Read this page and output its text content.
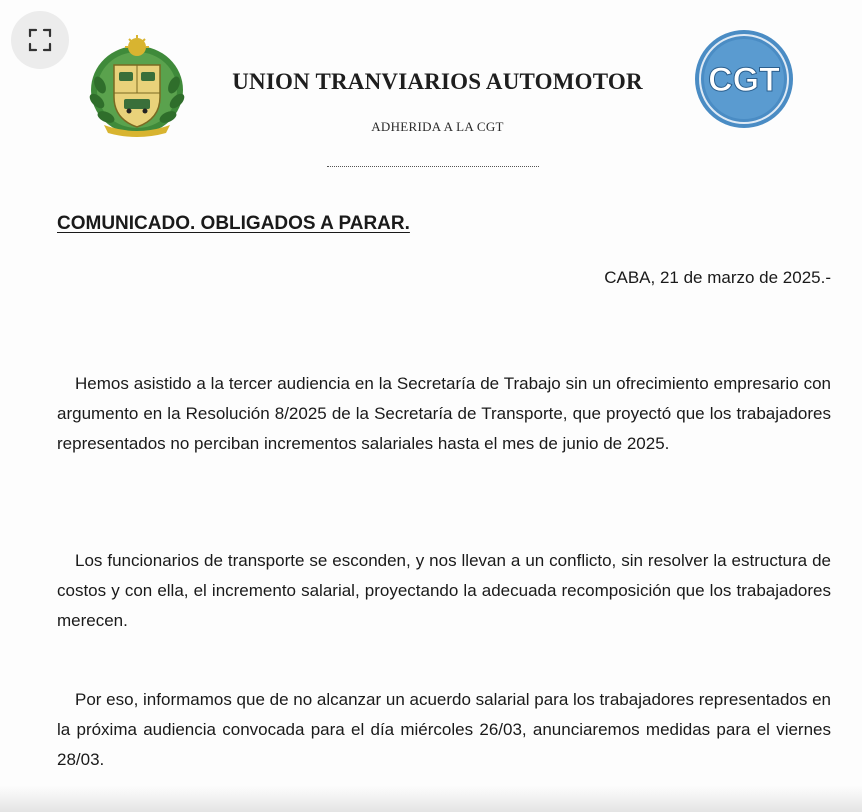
CGT
UNION TRANVIARIOS AUTOMOTOR
ADHERIDA A LA CGT
COMUNICADO. OBLIGADOS A PARAR.
CABA, 21 de marzo de 2025.-
Hemos asistido a la tercer audiencia en la Secretaría de Trabajo sin un ofrecimiento empresario con argumento en la Resolución 8/2025 de la Secretaría de Transporte, que proyectó que los trabajadores representados no perciban incrementos salariales hasta el mes de junio de 2025.
Los funcionarios de transporte se esconden, y nos llevan a un conflicto, sin resolver la estructura de costos y con ella, el incremento salarial, proyectando la adecuada recomposición que los trabajadores merecen.
Por eso, informamos que de no alcanzar un acuerdo salarial para los trabajadores representados en la próxima audiencia convocada para el día miércoles 26/03, anunciaremos medidas para el viernes 28/03.
